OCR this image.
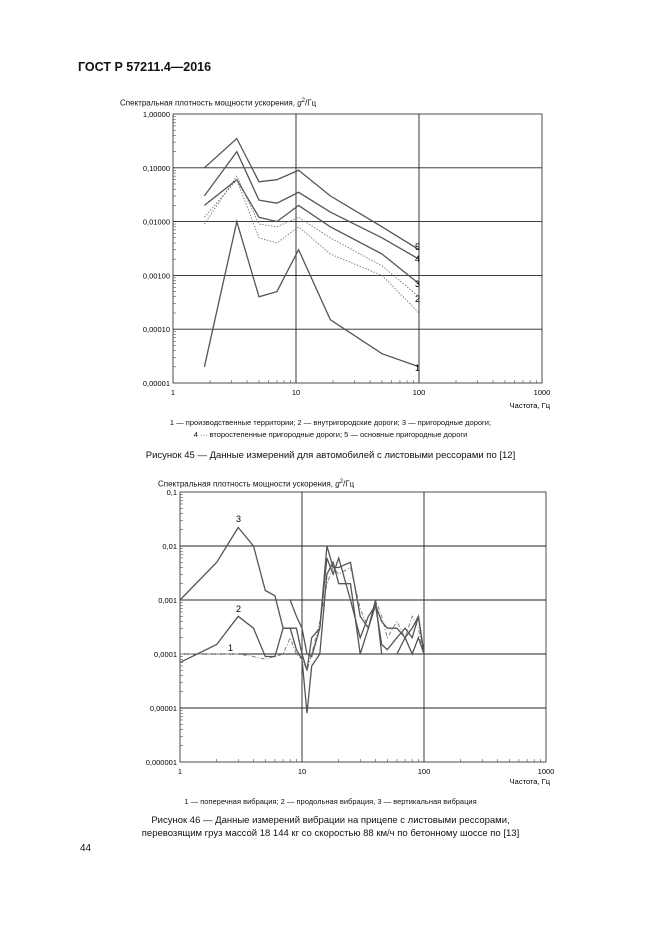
ГОСТ Р 57211.4—2016
Спектральная плотность мощности ускорения, $g^2/Гц$
1	10	100	1000
0,00001
0,00010
0,00100
0,01000
0,10000
1,00000
1
2
3
4
5
Частота, Гц
1	10	100	1000
0,000001
0,00001
0,0001
0,001
0,01
0,1
1
2
3
Частота, Гц
1 — производственные территории; 2 — внутригородские дороги; 3 — пригородные дороги;
4 ··· второстепенные пригородные дороги; 5 — основные пригородные дороги
Рисунок 45 — Данные измерений для автомобилей с листовыми рессорами по [12]
Спектральная плотность мощности ускорения, $g^2/Гц$
1 — поперечная вибрация; 2 — продольная вибрация, 3 — вертикальная вибрация
Рисунок 46 — Данные измерений вибрации на прицепе с листовыми рессорами,
перевозящим груз массой 18 144 кг со скоростью 88 км/ч по бетонному шоссе по [13]
44
